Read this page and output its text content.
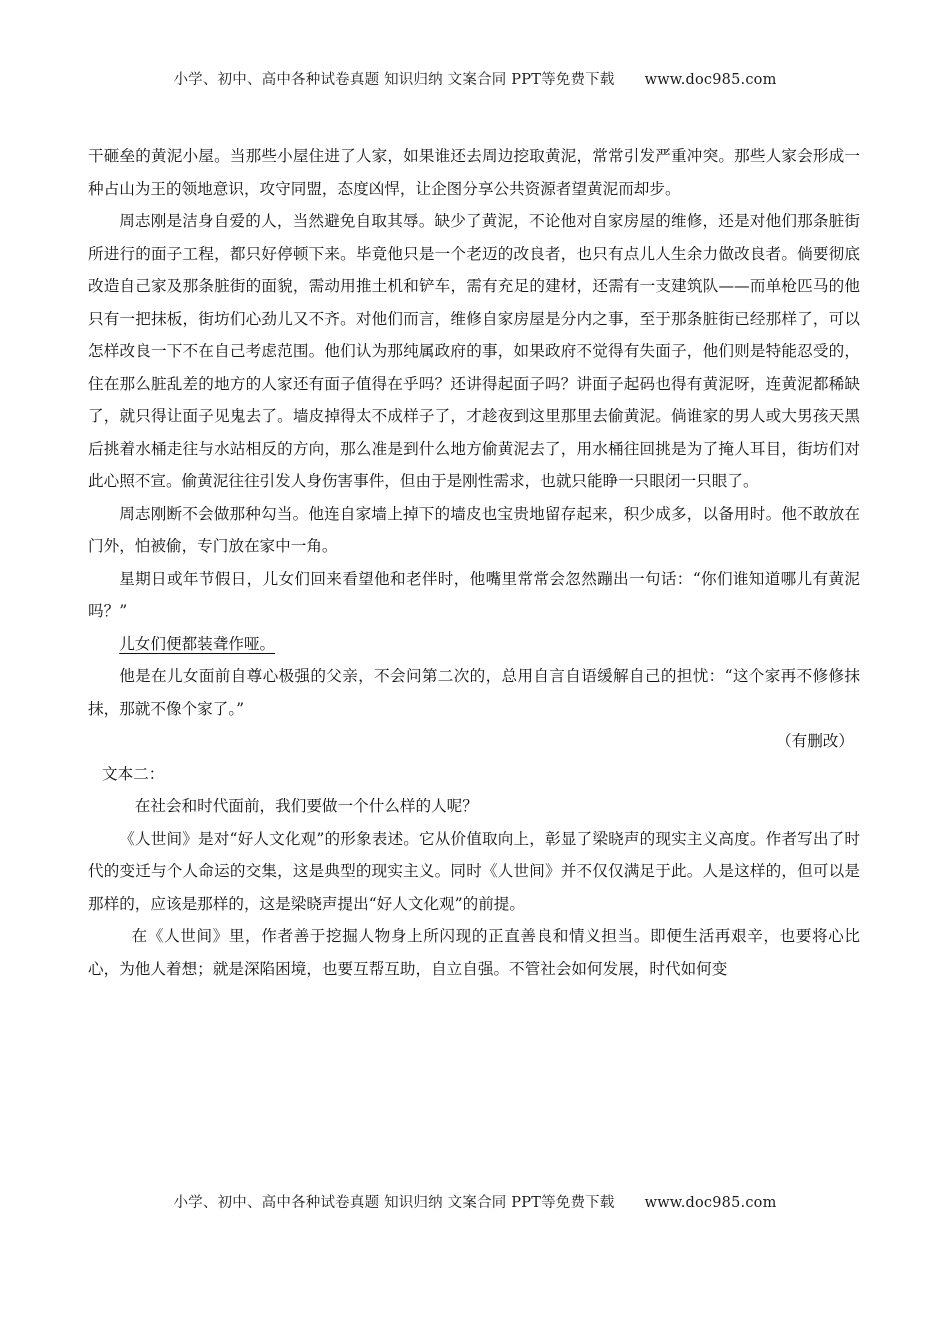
小学、初中、高中各种试卷真题 知识归纳 文案合同 PPT等免费下载 www.doc985.com

干砸垒的黄泥小屋。当那些小屋住进了人家，如果谁还去周边挖取黄泥，常常引发严重冲突。那些人家会形成一种占山为王的领地意识，攻守同盟，态度凶悍，让企图分享公共资源者望黄泥而却步。

周志刚是洁身自爱的人，当然避免自取其辱。缺少了黄泥，不论他对自家房屋的维修，还是对他们那条脏街所进行的面子工程，都只好停顿下来。毕竟他只是一个老迈的改良者，也只有点儿人生余力做改良者。倘要彻底改造自己家及那条脏街的面貌，需动用推土机和铲车，需有充足的建材，还需有一支建筑队——而单枪匹马的他只有一把抹板，街坊们心劲儿又不齐。对他们而言，维修自家房屋是分内之事，至于那条脏街已经那样了，可以怎样改良一下不在自己考虑范围。他们认为那纯属政府的事，如果政府不觉得有失面子，他们则是特能忍受的，住在那么脏乱差的地方的人家还有面子值得在乎吗？还讲得起面子吗？讲面子起码也得有黄泥呀，连黄泥都稀缺了，就只得让面子见鬼去了。墙皮掉得太不成样子了，才趁夜到这里那里去偷黄泥。倘谁家的男人或大男孩天黑后挑着水桶走往与水站相反的方向，那么准是到什么地方偷黄泥去了，用水桶往回挑是为了掩人耳目，街坊们对此心照不宣。偷黄泥往往引发人身伤害事件，但由于是刚性需求，也就只能睁一只眼闭一只眼了。

周志刚断不会做那种勾当。他连自家墙上掉下的墙皮也宝贵地留存起来，积少成多，以备用时。他不敢放在门外，怕被偷，专门放在家中一角。

星期日或年节假日，儿女们回来看望他和老伴时，他嘴里常常会忽然蹦出一句话：“你们谁知道哪儿有黄泥吗？”

儿女们便都装聋作哑。

他是在儿女面前自尊心极强的父亲，不会问第二次的，总用自言自语缓解自己的担忧：“这个家再不修修抹抹，那就不像个家了。”

（有删改）

文本二：

在社会和时代面前，我们要做一个什么样的人呢？

《人世间》是对“好人文化观”的形象表述。它从价值取向上，彰显了梁晓声的现实主义高度。作者写出了时代的变迁与个人命运的交集，这是典型的现实主义。同时《人世间》并不仅仅满足于此。人是这样的，但可以是那样的，应该是那样的，这是梁晓声提出“好人文化观”的前提。

在《人世间》里，作者善于挖掘人物身上所闪现的正直善良和情义担当。即便生活再艰辛，也要将心比心，为他人着想；就是深陷困境，也要互帮互助，自立自强。不管社会如何发展，时代如何变

小学、初中、高中各种试卷真题 知识归纳 文案合同 PPT等免费下载 www.doc985.com
